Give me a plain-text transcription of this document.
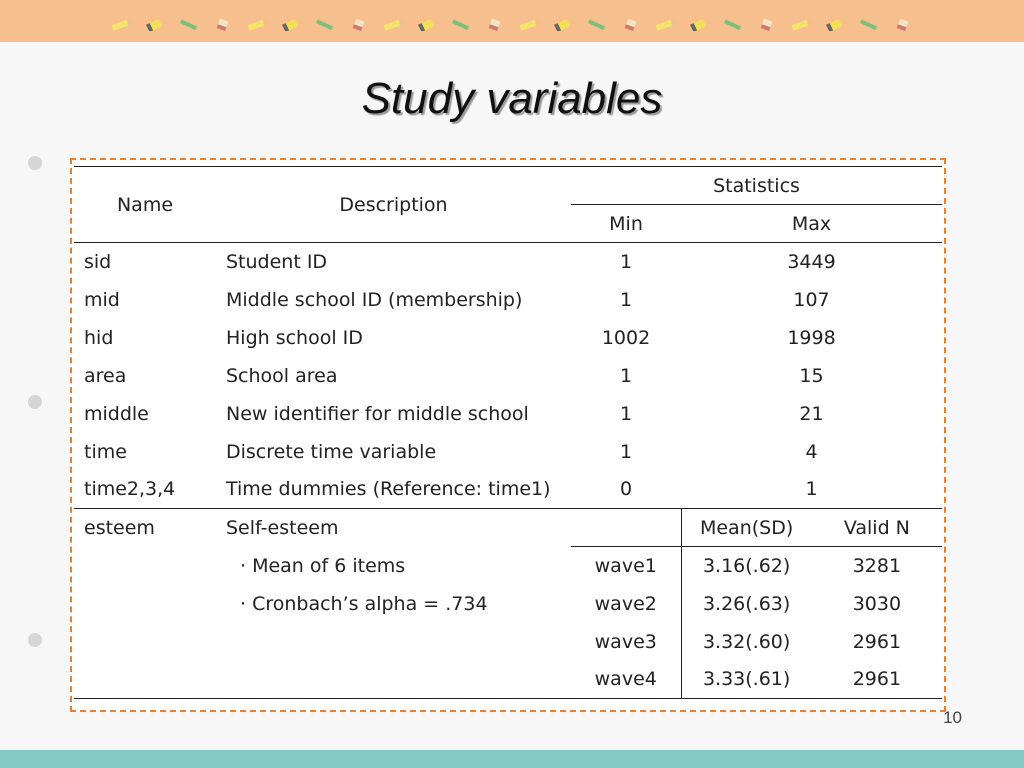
Study variables
Name	Description	Statistics	
		Min	Max
sid	Student ID	1	3449
mid	Middle school ID (membership)	1	107
hid	High school ID	1002	1998
area	School area	1	15
middle	New identifier for middle school	1	21
time	Discrete time variable	1	4
time2,3,4	Time dummies (Reference: time1)	0	1
esteem	Self-esteem		Mean(SD) Valid N

	· Mean of 6 items	wave1	3.16(.62) 3281

	· Cronbach’s alpha = .734	wave2	3.26(.63) 3030

		wave3	3.32(.60) 2961

		wave4	3.33(.61) 2961
10
